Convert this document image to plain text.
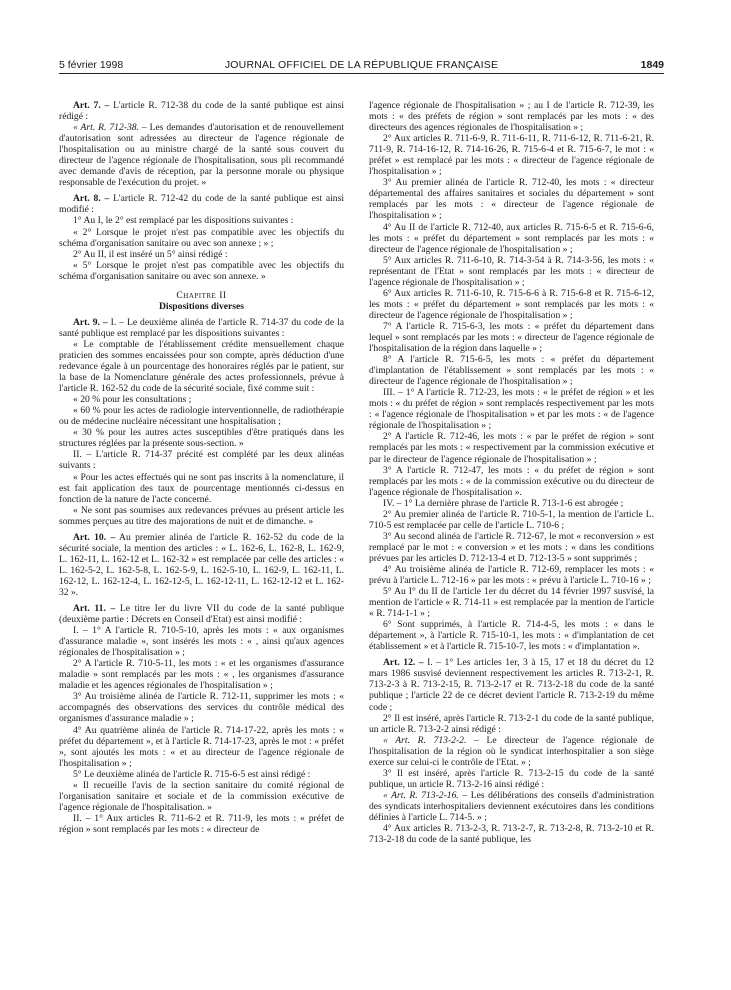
5 février 1998	JOURNAL OFFICIEL DE LA RÉPUBLIQUE FRANÇAISE	1849

Art. 7. – L'article R. 712-38 du code de la santé publique est ainsi rédigé :

« Art. R. 712-38. – Les demandes d'autorisation et de renouvellement d'autorisation sont adressées au directeur de l'agence régionale de l'hospitalisation ou au ministre chargé de la santé sous couvert du directeur de l'agence régionale de l'hospitalisation, sous pli recommandé avec demande d'avis de réception, par la personne morale ou physique responsable de l'exécution du projet. »

Art. 8. – L'article R. 712-42 du code de la santé publique est ainsi modifié :

1° Au I, le 2° est remplacé par les dispositions suivantes :

« 2° Lorsque le projet n'est pas compatible avec les objectifs du schéma d'organisation sanitaire ou avec son annexe ; » ;

2° Au II, il est inséré un 5° ainsi rédigé :

« 5° Lorsque le projet n'est pas compatible avec les objectifs du schéma d'organisation sanitaire ou avec son annexe. »

Chapitre II

Dispositions diverses

Art. 9. – I. – Le deuxième alinéa de l'article R. 714-37 du code de la santé publique est remplacé par les dispositions suivantes :

« Le comptable de l'établissement crédite mensuellement chaque praticien des sommes encaissées pour son compte, après déduction d'une redevance égale à un pourcentage des honoraires réglés par le patient, sur la base de la Nomenclature générale des actes professionnels, prévue à l'article R. 162-52 du code de la sécurité sociale, fixé comme suit :

« 20 % pour les consultations ;

« 60 % pour les actes de radiologie interventionnelle, de radiothérapie ou de médecine nucléaire nécessitant une hospitalisation ;

« 30 % pour les autres actes susceptibles d'être pratiqués dans les structures réglées par la présente sous-section. »

II. – L'article R. 714-37 précité est complété par les deux alinéas suivants :

« Pour les actes effectués qui ne sont pas inscrits à la nomenclature, il est fait application des taux de pourcentage mentionnés ci-dessus en fonction de la nature de l'acte concerné.

« Ne sont pas soumises aux redevances prévues au présent article les sommes perçues au titre des majorations de nuit et de dimanche. »

Art. 10. – Au premier alinéa de l'article R. 162-52 du code de la sécurité sociale, la mention des articles : « L. 162-6, L. 162-8, L. 162-9, L. 162-11, L. 162-12 et L. 162-32 » est remplacée par celle des articles : « L. 162-5-2, L. 162-5-8, L. 162-5-9, L. 162-5-10, L. 162-9, L. 162-11, L. 162-12, L. 162-12-4, L. 162-12-5, L. 162-12-11, L. 162-12-12 et L. 162-32 ».

Art. 11. – Le titre Ier du livre VII du code de la santé publique (deuxième partie : Décrets en Conseil d'Etat) est ainsi modifié :

I. – 1° A l'article R. 710-5-10, après les mots : « aux organismes d'assurance maladie », sont insérés les mots : « , ainsi qu'aux agences régionales de l'hospitalisation » ;

2° A l'article R. 710-5-11, les mots : « et les organismes d'assurance maladie » sont remplacés par les mots : « , les organismes d'assurance maladie et les agences régionales de l'hospitalisation » ;

3° Au troisième alinéa de l'article R. 712-11, supprimer les mots : « accompagnés des observations des services du contrôle médical des organismes d'assurance maladie » ;

4° Au quatrième alinéa de l'article R. 714-17-22, après les mots : « préfet du département », et à l'article R. 714-17-23, après le mot : « préfet », sont ajoutés les mots : « et au directeur de l'agence régionale de l'hospitalisation » ;

5° Le deuxième alinéa de l'article R. 715-6-5 est ainsi rédigé :

« Il recueille l'avis de la section sanitaire du comité régional de l'organisation sanitaire et sociale et de la commission exécutive de l'agence régionale de l'hospitalisation. »

II. – 1° Aux articles R. 711-6-2 et R. 711-9, les mots : « préfet de région » sont remplacés par les mots : « directeur de

l'agence régionale de l'hospitalisation » ; au I de l'article R. 712-39, les mots : « des préfets de région » sont remplacés par les mots : « des directeurs des agences régionales de l'hospitalisation » ;

2° Aux articles R. 711-6-9, R. 711-6-11, R. 711-6-12, R. 711-6-21, R. 711-9, R. 714-16-12, R. 714-16-26, R. 715-6-4 et R. 715-6-7, le mot : « préfet » est remplacé par les mots : « directeur de l'agence régionale de l'hospitalisation » ;

3° Au premier alinéa de l'article R. 712-40, les mots : « directeur départemental des affaires sanitaires et sociales du département » sont remplacés par les mots : « directeur de l'agence régionale de l'hospitalisation » ;

4° Au II de l'article R. 712-40, aux articles R. 715-6-5 et R. 715-6-6, les mots : « préfet du département » sont remplacés par les mots : « directeur de l'agence régionale de l'hospitalisation » ;

5° Aux articles R. 711-6-10, R. 714-3-54 à R. 714-3-56, les mots : « représentant de l'Etat » sont remplacés par les mots : « directeur de l'agence régionale de l'hospitalisation » ;

6° Aux articles R. 711-6-10, R. 715-6-6 à R. 715-6-8 et R. 715-6-12, les mots : « préfet du département » sont remplacés par les mots : « directeur de l'agence régionale de l'hospitalisation » ;

7° A l'article R. 715-6-3, les mots : « préfet du département dans lequel » sont remplacés par les mots : « directeur de l'agence régionale de l'hospitalisation de la région dans laquelle » ;

8° A l'article R. 715-6-5, les mots : « préfet du département d'implantation de l'établissement » sont remplacés par les mots : « directeur de l'agence régionale de l'hospitalisation » ;

III. – 1° A l'article R. 712-23, les mots : « le préfet de région » et les mots : « du préfet de région » sont remplacés respectivement par les mots : « l'agence régionale de l'hospitalisation » et par les mots : « de l'agence régionale de l'hospitalisation » ;

2° A l'article R. 712-46, les mots : « par le préfet de région » sont remplacés par les mots : « respectivement par la commission exécutive et par le directeur de l'agence régionale de l'hospitalisation » ;

3° A l'article R. 712-47, les mots : « du préfet de région » sont remplacés par les mots : « de la commission exécutive ou du directeur de l'agence régionale de l'hospitalisation ».

IV. – 1° La dernière phrase de l'article R. 713-1-6 est abrogée ;

2° Au premier alinéa de l'article R. 710-5-1, la mention de l'article L. 710-5 est remplacée par celle de l'article L. 710-6 ;

3° Au second alinéa de l'article R. 712-67, le mot « reconversion » est remplacé par le mot : « conversion » et les mots : « dans les conditions prévues par les articles D. 712-13-4 et D. 712-13-5 » sont supprimés ;

4° Au troisième alinéa de l'article R. 712-69, remplacer les mots : « prévu à l'article L. 712-16 » par les mots : « prévu à l'article L. 710-16 » ;

5° Au I° du II de l'article 1er du décret du 14 février 1997 susvisé, la mention de l'article « R. 714-11 » est remplacée par la mention de l'article « R. 714-1-1 » ;

6° Sont supprimés, à l'article R. 714-4-5, les mots : « dans le département », à l'article R. 715-10-1, les mots : « d'implantation de cet établissement » et à l'article R. 715-10-7, les mots : « d'implantation ».

Art. 12. – I. – 1° Les articles 1er, 3 à 15, 17 et 18 du décret du 12 mars 1986 susvisé deviennent respectivement les articles R. 713-2-1, R. 713-2-3 à R. 713-2-15, R. 713-2-17 et R. 713-2-18 du code de la santé publique ; l'article 22 de ce décret devient l'article R. 713-2-19 du même code ;

2° Il est inséré, après l'article R. 713-2-1 du code de la santé publique, un article R. 713-2-2 ainsi rédigé :

« Art. R. 713-2-2. – Le directeur de l'agence régionale de l'hospitalisation de la région où le syndicat interhospitalier a son siège exerce sur celui-ci le contrôle de l'Etat. » ;

3° Il est inséré, après l'article R. 713-2-15 du code de la santé publique, un article R. 713-2-16 ainsi rédigé :

« Art. R. 713-2-16. – Les délibérations des conseils d'administration des syndicats interhospitaliers deviennent exécutoires dans les conditions définies à l'article L. 714-5. » ;

4° Aux articles R. 713-2-3, R. 713-2-7, R. 713-2-8, R. 713-2-10 et R. 713-2-18 du code de la santé publique, les
